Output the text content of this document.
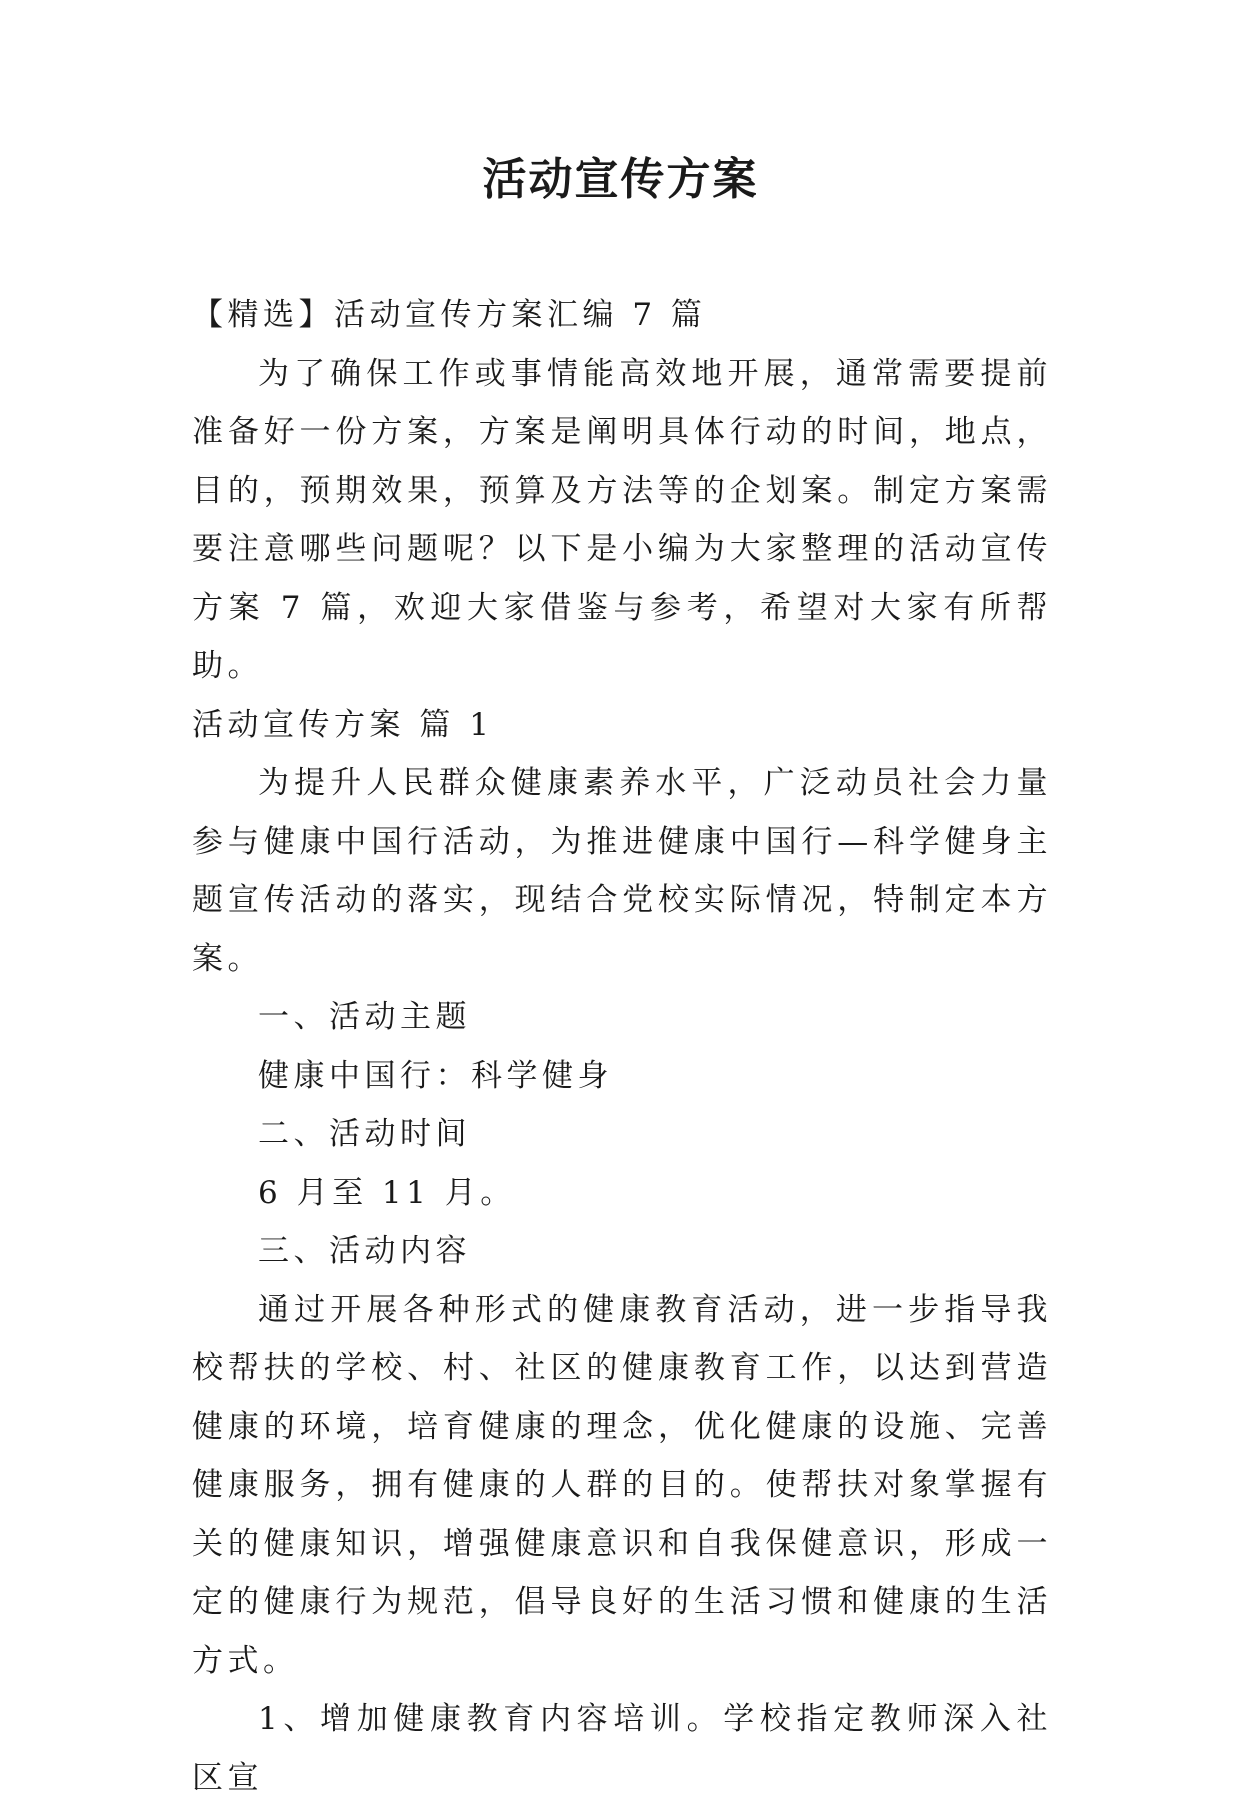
活动宣传方案

【精选】活动宣传方案汇编 7 篇

为了确保工作或事情能高效地开展，通常需要提前准备好一份方案，方案是阐明具体行动的时间，地点，目的，预期效果，预算及方法等的企划案。制定方案需要注意哪些问题呢？以下是小编为大家整理的活动宣传方案 7 篇，欢迎大家借鉴与参考，希望对大家有所帮助。

活动宣传方案 篇 1

为提升人民群众健康素养水平，广泛动员社会力量参与健康中国行活动，为推进健康中国行—科学健身主题宣传活动的落实，现结合党校实际情况，特制定本方案。

一、活动主题

健康中国行：科学健身

二、活动时间

6 月至 11 月。

三、活动内容

通过开展各种形式的健康教育活动，进一步指导我校帮扶的学校、村、社区的健康教育工作，以达到营造健康的环境，培育健康的理念，优化健康的设施、完善健康服务，拥有健康的人群的目的。使帮扶对象掌握有关的健康知识，增强健康意识和自我保健意识，形成一定的健康行为规范，倡导良好的生活习惯和健康的生活方式。

1、增加健康教育内容培训。学校指定教师深入社区宣
